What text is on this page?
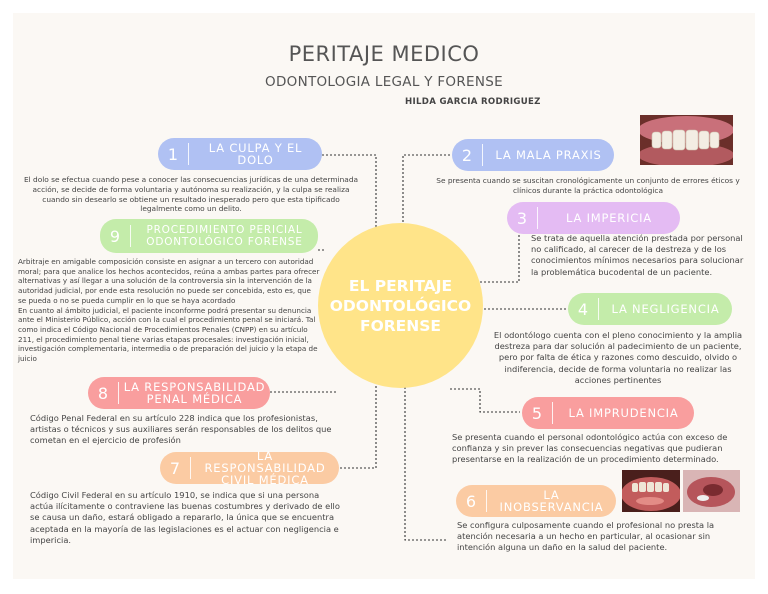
PERITAJE MEDICO
ODONTOLOGIA LEGAL Y FORENSE
HILDA GARCIA RODRIGUEZ
EL PERITAJE ODONTOLÓGICO FORENSE
1	LA CULPA Y EL DOLO
El dolo se efectua cuando pese a conocer las consecuencias jurídicas de una determinada acción, se decide de forma voluntaria y autónoma su realización, y la culpa se realiza cuando sin desearlo se obtiene un resultado inesperado pero que esta tipificado legalmente como un delito.
2	LA MALA PRAXIS
Se presenta cuando se suscitan cronológicamente un conjunto de errores éticos y clínicos durante la práctica odontológica
3	LA IMPERICIA
Se trata de aquella atención prestada por personal no calificado, al carecer de la destreza y de los conocimientos mínimos necesarios para solucionar la problemática bucodental de un paciente.
4	LA NEGLIGENCIA
El odontólogo cuenta con el pleno conocimiento y la amplia destreza para dar solución al padecimiento de un paciente, pero por falta de ética y razones como descuido, olvido o indiferencia, decide de forma voluntaria no realizar las acciones pertinentes
5	LA IMPRUDENCIA
Se presenta cuando el personal odontológico actúa con exceso de confianza y sin prever las consecuencias negativas que pudieran presentarse en la realización de un procedimiento determinado.
6	LA INOBSERVANCIA
Se configura culposamente cuando el profesional no presta la atención necesaria a un hecho en particular, al ocasionar sin intención alguna un daño en la salud del paciente.
7
LA RESPONSABILIDAD CIVIL MÉDICA
Código Civil Federal en su artículo 1910, se indica que si una persona actúa ilícitamente o contraviene las buenas costumbres y derivado de ello se causa un daño, estará obligado a repararlo, la única que se encuentra aceptada en la mayoría de las legislaciones es el actuar con negligencia e impericia.
8	LA RESPONSABILIDAD PENAL MÉDICA
Código Penal Federal en su artículo 228 indica que los profesionistas, artistas o técnicos y sus auxiliares serán responsables de los delitos que cometan en el ejercicio de profesión
9	PROCEDIMIENTO PERICIAL ODONTOLÓGICO FORENSE
Arbitraje en amigable composición consiste en asignar a un tercero con autoridad moral; para que analice los hechos acontecidos, reúna a ambas partes para ofrecer alternativas y así llegar a una solución de la controversia sin la intervención de la autoridad judicial, por ende esta resolución no puede ser concebida, esto es, que se pueda o no se pueda cumplir en lo que se haya acordado
En cuanto al ámbito judicial, el paciente inconforme podrá presentar su denuncia ante el Ministerio Público, acción con la cual el procedimiento penal se iniciará. Tal como indica el Código Nacional de Procedimientos Penales (CNPP) en su artículo 211, el procedimiento penal tiene varias etapas procesales: investigación inicial, investigación complementaria, intermedia o de preparación del juicio y la etapa de juicio
